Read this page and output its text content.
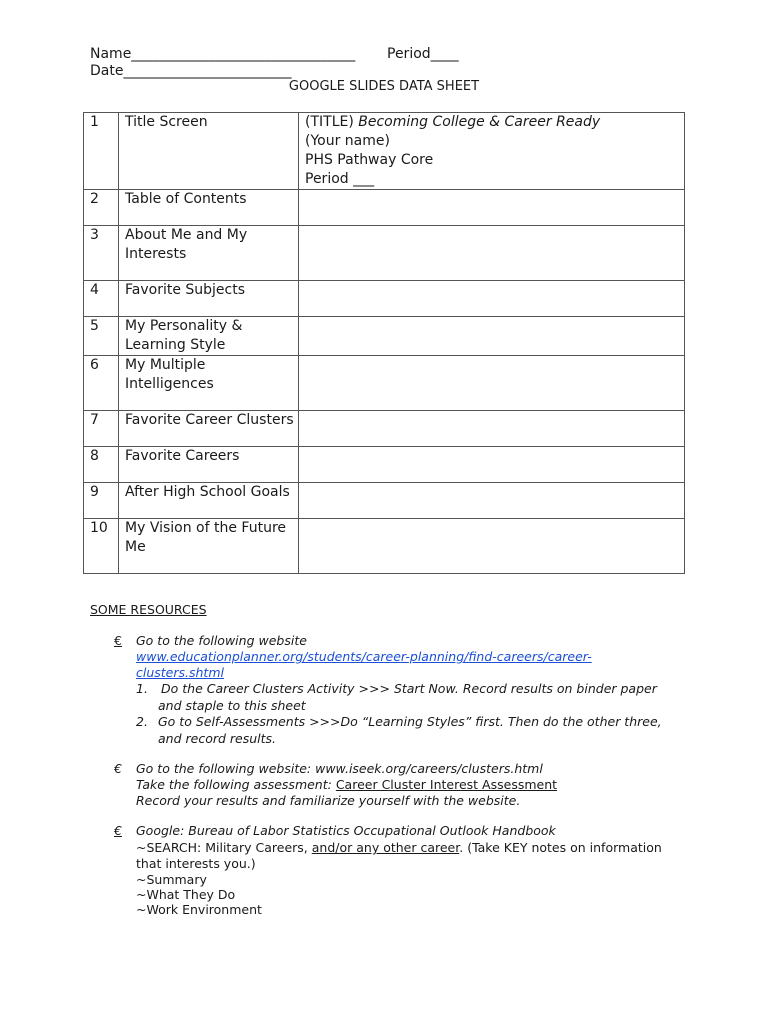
Name________________________________ Period____
Date________________________
GOOGLE SLIDES DATA SHEET
1	Title Screen	(TITLE) Becoming College & Career Ready
(Your name)
PHS Pathway Core
Period ___
2	Table of Contents	
3	About Me and My Interests	
4	Favorite Subjects	
5	My Personality & Learning Style	
6	My Multiple Intelligences	
7	Favorite Career Clusters	
8	Favorite Careers	
9	After High School Goals	
10	My Vision of the Future Me	
SOME RESOURCES
€ Go to the following website
www.educationplanner.org/students/career-planning/find-careers/career-
clusters.shtml
1. Do the Career Clusters Activity >>> Start Now. Record results on binder paper
and staple to this sheet
2. Go to Self-Assessments >>>Do “Learning Styles” first. Then do the other three,
and record results.
€ Go to the following website: www.iseek.org/careers/clusters.html
Take the following assessment: Career Cluster Interest Assessment
Record your results and familiarize yourself with the website.
€ Google: Bureau of Labor Statistics Occupational Outlook Handbook
~SEARCH: Military Careers, and/or any other career. (Take KEY notes on information
that interests you.)
~Summary
~What They Do
~Work Environment
